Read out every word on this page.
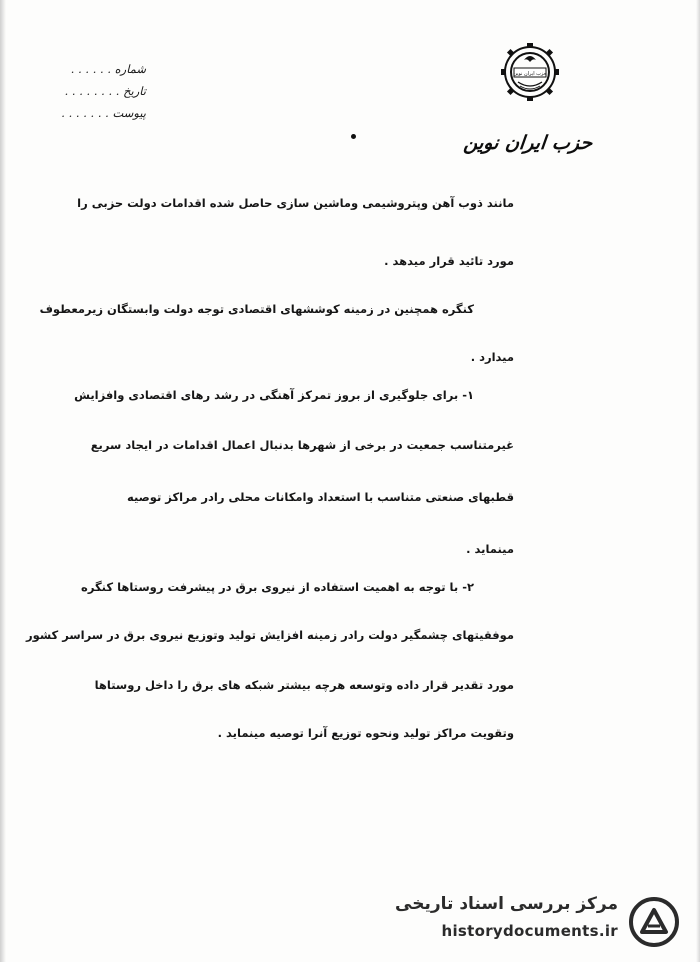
شماره . . . . . .
تاریخ . . . . . . . .
پیوست . . . . . . .
حزب ایران نوین
حزب ایران نوین
مانند ذوب آهن وپتروشیمی وماشین سازی حاصل شده اقدامات دولت حزبی را
مورد تائید قرار میدهد .
کنگره همچنین در زمینه کوششهای اقتصادی توجه دولت وابستگان زیرمعطوف
میدارد .
۱- برای جلوگیری از بروز تمرکز آهنگی در رشد رهای اقتصادی وافزایش
غیرمتناسب جمعیت در برخی از شهرها بدنبال اعمال اقدامات در ایجاد سریع
قطبهای صنعتی متناسب با استعداد وامکانات محلی رادر مراکز توصیه
مینماید .
۲- با توجه به اهمیت استفاده از نیروی برق در پیشرفت روستاها کنگره
موفقیتهای چشمگیر دولت رادر زمینه افزایش تولید وتوزیع نیروی برق در سراسر کشور
مورد تقدیر قرار داده وتوسعه هرچه بیشتر شبکه های برق را داخل روستاها
وتقویت مراکز تولید ونحوه توزیع آنرا توصیه مینماید .
مرکز بررسی اسناد تاریخی
historydocuments.ir
